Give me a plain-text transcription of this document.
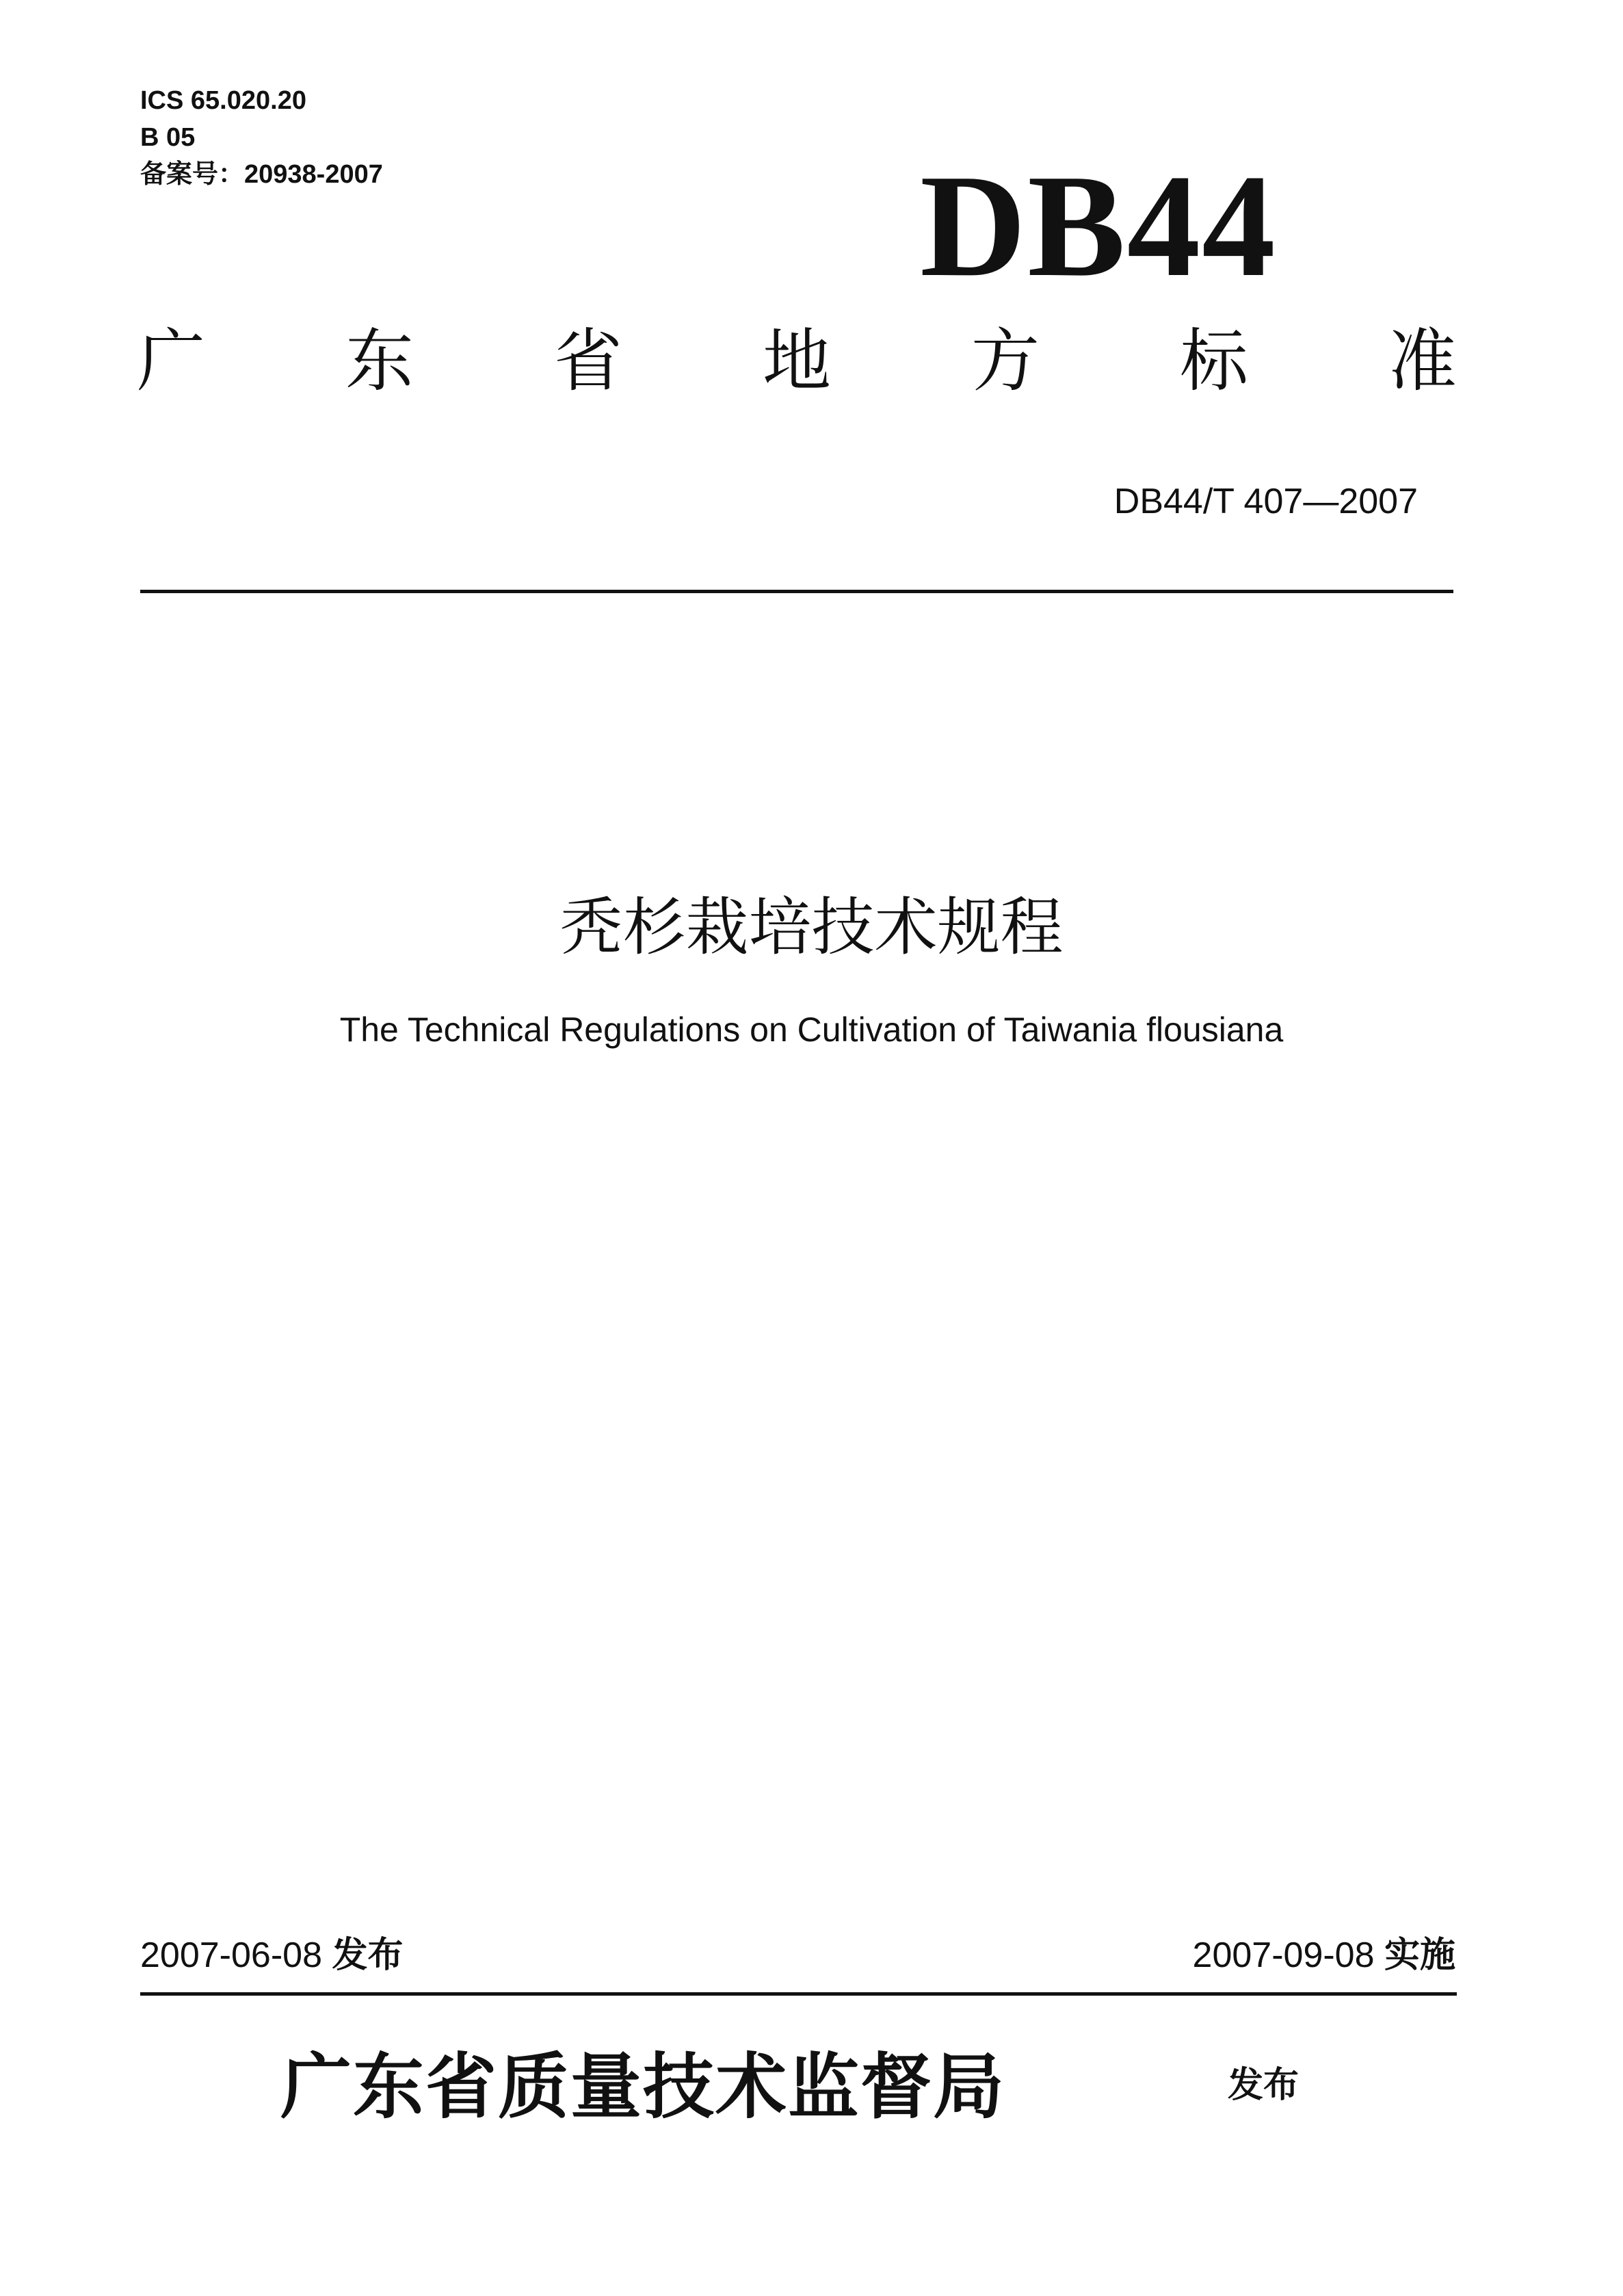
ICS 65.020.20
B 05
备案号：20938-2007	DB44
广 东 省 地 方 标 准
DB44/T 407—2007
秃杉栽培技术规程
The Technical Regulations on Cultivation of Taiwania flousiana
2007-06-08 发布	2007-09-08 实施
广东省质量技术监督局	发布
